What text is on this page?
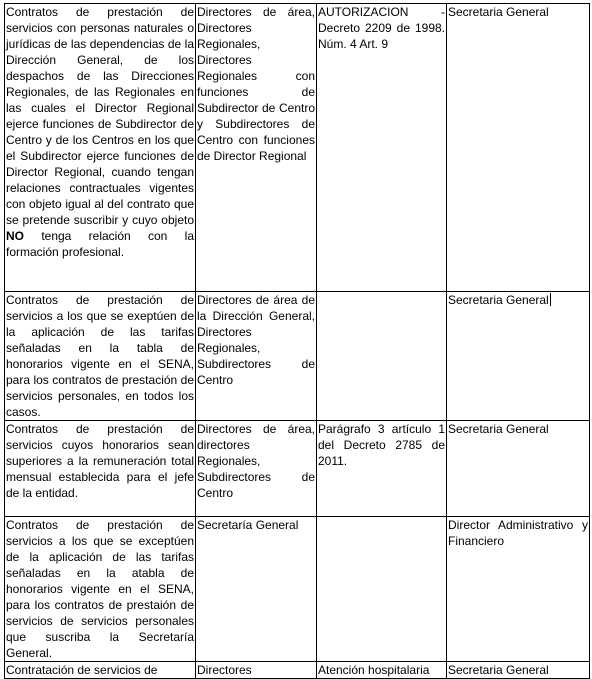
Contratos de prestación de servicios con personas naturales o jurídicas de las dependencias de la Dirección General, de los despachos de las Direcciones Regionales, de las Regionales en las cuales el Director Regional ejerce funciones de Subdirector de Centro y de los Centros en los que el Subdirector ejerce funciones de Director Regional, cuando tengan relaciones contractuales vigentes con objeto igual al del contrato que se pretende suscribir y cuyo objeto NO tenga relación con la formación profesional.	Directores de área, Directores Regionales, Directores Regionales con funciones de Subdirector de Centro y Subdirectores de Centro con funciones de Director Regional	AUTORIZACION - Decreto 2209 de 1998. Núm. 4 Art. 9	Secretaria General
Contratos de prestación de servicios a los que se exeptúen de la aplicación de las tarifas señaladas en la tabla de honorarios vigente en el SENA, para los contratos de prestación de servicios personales, en todos los casos.	Directores de área de la Dirección General, Directores Regionales, Subdirectores de Centro		Secretaria General
Contratos de prestación de servicios cuyos honorarios sean superiores a la remuneración total mensual establecida para el jefe de la entidad.	Directores de área, directores Regionales, Subdirectores de Centro	Parágrafo 3 artículo 1 del Decreto 2785 de 2011.	Secretaria General
Contratos de prestación de servicios a los que se exceptúen de la aplicación de las tarifas señaladas en la atabla de honorarios vigente en el SENA, para los contratos de prestaión de servicios de servicios personales que suscriba la Secretaría General.	Secretaría General		Director Administrativo y Financiero
Contratación de servicios de	Directores	Atención hospitalaria	Secretaria General
